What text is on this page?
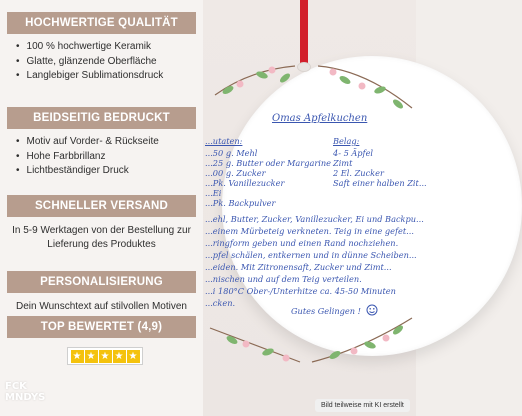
HOCHWERTIGE QUALITÄT
• 100 % hochwertige Keramik
• Glatte, glänzende Oberfläche
• Langlebiger Sublimationsdruck
BEIDSEITIG BEDRUCKT
• Motiv auf Vorder- & Rückseite
• Hohe Farbbrillanz
• Lichtbeständiger Druck
SCHNELLER VERSAND
In 5-9 Werktagen von der Bestellung zur Lieferung des Produktes
PERSONALISIERUNG
Dein Wunschtext auf stilvollen Motiven
TOP BEWERTET (4,9)
★ ★ ★ ★ ★
FCK
MNDYS
Omas Apfelkuchen
...utaten:
...50 g. Mehl
...25 g. Butter oder Margarine
...00 g. Zucker
...Pk. Vanillezucker
...Ei
...Pk. Backpulver
Belag:
4- 5 Äpfel
Zimt
2 El. Zucker
Saft einer halben Zit...
...ehl, Butter, Zucker, Vanillezucker, Ei und Backpu...
...einem Mürbeteig verkneten. Teig in eine gefet...
...ringform geben und einen Rand nochziehen.
...pfel schälen, entkernen und in dünne Scheiben...
...eiden. Mit Zitronensaft, Zucker und Zimt...
...nischen und auf dem Teig verteilen.
...i 180°C Ober-/Unterhitze ca. 45-50 Minuten
...cken.
Gutes Gelingen !
Bild teilweise mit KI erstellt
